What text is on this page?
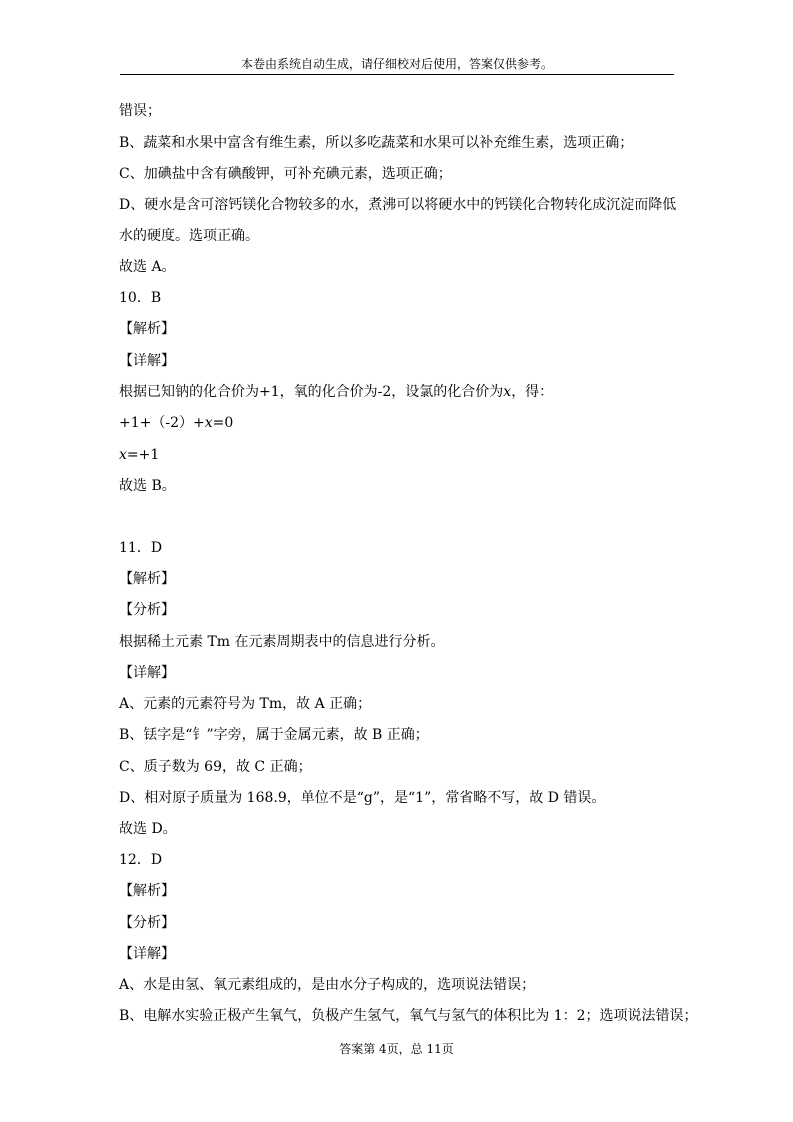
本卷由系统自动生成，请仔细校对后使用，答案仅供参考。
错误；
B、蔬菜和水果中富含有维生素，所以多吃蔬菜和水果可以补充维生素，选项正确；
C、加碘盐中含有碘酸钾，可补充碘元素，选项正确；
D、硬水是含可溶钙镁化合物较多的水，煮沸可以将硬水中的钙镁化合物转化成沉淀而降低
水的硬度。选项正确。
故选 A。
10．B
【解析】
【详解】
根据已知钠的化合价为+1，氧的化合价为-2，设氯的化合价为x，得：
+1+（-2）+x=0
x=+1
故选 B。
11．D
【解析】
【分析】
根据稀土元素 Tm 在元素周期表中的信息进行分析。
【详解】
A、元素的元素符号为 Tm，故 A 正确；
B、铥字是“钅”字旁，属于金属元素，故 B 正确；
C、质子数为 69，故 C 正确；
D、相对原子质量为 168.9，单位不是“g”，是“1”，常省略不写，故 D 错误。
故选 D。
12．D
【解析】
【分析】
【详解】
A、水是由氢、氧元素组成的，是由水分子构成的，选项说法错误；
B、电解水实验正极产生氧气，负极产生氢气，氧气与氢气的体积比为 1：2；选项说法错误；
答案第 4页，总 11页
